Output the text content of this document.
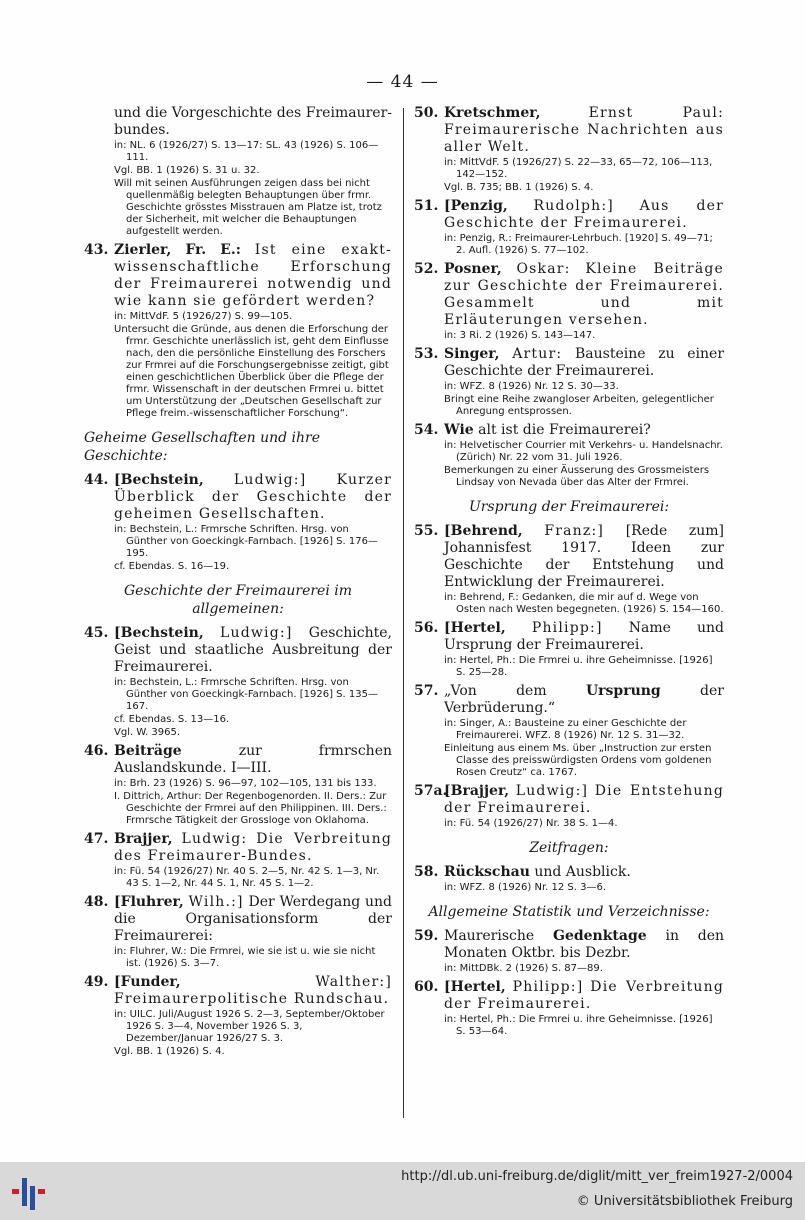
— 44 —
und die Vorgeschichte des Freimaurer-bundes.
in: NL. 6 (1926/27) S. 13—17: SL. 43 (1926) S. 106—111.
Vgl. BB. 1 (1926) S. 31 u. 32.
Will mit seinen Ausführungen zeigen dass bei nicht quellenmäßig belegten Behauptungen über frmr. Geschichte grösstes Misstrauen am Platze ist, trotz der Sicherheit, mit welcher die Behauptungen aufgestellt werden.
43. Zierler, Fr. E.: Ist eine exakt-wissenschaftliche Erforschung der Freimaurerei notwendig und wie kann sie gefördert werden?
in: MittVdF. 5 (1926/27) S. 99—105.
Untersucht die Gründe, aus denen die Erforschung der frmr. Geschichte unerlässlich ist, geht dem Einflusse nach, den die persönliche Einstellung des Forschers zur Frmrei auf die Forschungsergebnisse zeitigt, gibt einen geschichtlichen Überblick über die Pflege der frmr. Wissenschaft in der deutschen Frmrei u. bittet um Unterstützung der „Deutschen Gesellschaft zur Pflege freim.-wissenschaftlicher Forschung“.
Geheime Gesellschaften und ihre Geschichte:
44. [Bechstein, Ludwig:] Kurzer Überblick der Geschichte der geheimen Gesellschaften.
in: Bechstein, L.: Frmrsche Schriften. Hrsg. von Günther von Goeckingk-Farnbach. [1926] S. 176—195.
cf. Ebendas. S. 16—19.
Geschichte der Freimaurerei im allgemeinen:
45. [Bechstein, Ludwig:] Geschichte, Geist und staatliche Ausbreitung der Freimaurerei.
in: Bechstein, L.: Frmrsche Schriften. Hrsg. von Günther von Goeckingk-Farnbach. [1926] S. 135—167.
cf. Ebendas. S. 13—16.
Vgl. W. 3965.
46. Beiträge	zur frmrschen Auslandskunde. I—III.
in: Brh. 23 (1926) S. 96—97, 102—105, 131 bis 133.
I. Dittrich, Arthur: Der Regenbogenorden. II. Ders.: Zur Geschichte der Frmrei auf den Philippinen. III. Ders.: Frmrsche Tätigkeit der Grossloge von Oklahoma.
47. Brajjer, Ludwig: Die Verbreitung des Freimaurer-Bundes.
in: Fü. 54 (1926/27) Nr. 40 S. 2—5, Nr. 42 S. 1—3, Nr. 43 S. 1—2, Nr. 44 S. 1, Nr. 45 S. 1—2.
48. [Fluhrer, Wilh.:] Der Werdegang und die Organisationsform der Freimaurerei:
in: Fluhrer, W.: Die Frmrei, wie sie ist u. wie sie nicht ist. (1926) S. 3—7.
49. [Funder,	Walther:] Freimaurerpolitische Rundschau.
in: UILC. Juli/August 1926 S. 2—3, September/Oktober 1926 S. 3—4, November 1926 S. 3, Dezember/Januar 1926/27 S. 3.
Vgl. BB. 1 (1926) S. 4.
50. Kretschmer,	Ernst Paul: Freimaurerische Nachrichten aus aller Welt.
in: MittVdF. 5 (1926/27) S. 22—33, 65—72, 106—113, 142—152.
Vgl. B. 735; BB. 1 (1926) S. 4.
51. [Penzig, Rudolph:] Aus der Geschichte der Freimaurerei.
in: Penzig, R.: Freimaurer-Lehrbuch. [1920] S. 49—71; 2. Aufl. (1926) S. 77—102.
52. Posner, Oskar: Kleine Beiträge zur Geschichte der Freimaurerei. Gesammelt und mit Erläuterungen versehen.
in: 3 Ri. 2 (1926) S. 143—147.
53. Singer, Artur: Bausteine zu einer Geschichte der Freimaurerei.
in: WFZ. 8 (1926) Nr. 12 S. 30—33.
Bringt eine Reihe zwangloser Arbeiten, gelegentlicher Anregung entsprossen.
54. Wie alt ist die Freimaurerei?
in: Helvetischer Courrier mit Verkehrs- u. Handelsnachr. (Zürich) Nr. 22 vom 31. Juli 1926.
Bemerkungen zu einer Äusserung des Grossmeisters Lindsay von Nevada über das Alter der Frmrei.
Ursprung der Freimaurerei:
55. [Behrend, Franz:] [Rede zum] Johannisfest 1917. Ideen zur Geschichte der Entstehung und Entwicklung der Freimaurerei.
in: Behrend, F.: Gedanken, die mir auf d. Wege von Osten nach Westen begegneten. (1926) S. 154—160.
56. [Hertel, Philipp:] Name und Ursprung der Freimaurerei.
in: Hertel, Ph.: Die Frmrei u. ihre Geheimnisse. [1926] S. 25—28.
57. „Von dem	Ursprung	der Verbrüderung.“
in: Singer, A.: Bausteine zu einer Geschichte der Freimaurerei. WFZ. 8 (1926) Nr. 12 S. 31—32.
Einleitung aus einem Ms. über „Instruction zur ersten Classe des preisswürdigsten Ordens vom goldenen Rosen Creutz“ ca. 1767.
57a.
[Brajjer, Ludwig:] Die Entstehung der Freimaurerei.
in: Fü. 54 (1926/27) Nr. 38 S. 1—4.
Zeitfragen:
58. Rückschau und Ausblick.
in: WFZ. 8 (1926) Nr. 12 S. 3—6.
Allgemeine Statistik und Verzeichnisse:
59. Maurerische Gedenktage in den Monaten Oktbr. bis Dezbr.
in: MittDBk. 2 (1926) S. 87—89.
60. [Hertel, Philipp:] Die Verbreitung der Freimaurerei.
in: Hertel, Ph.: Die Frmrei u. ihre Geheimnisse. [1926] S. 53—64.
http://dl.ub.uni-freiburg.de/diglit/mitt_ver_freim1927-2/0004
© Universitätsbibliothek Freiburg
